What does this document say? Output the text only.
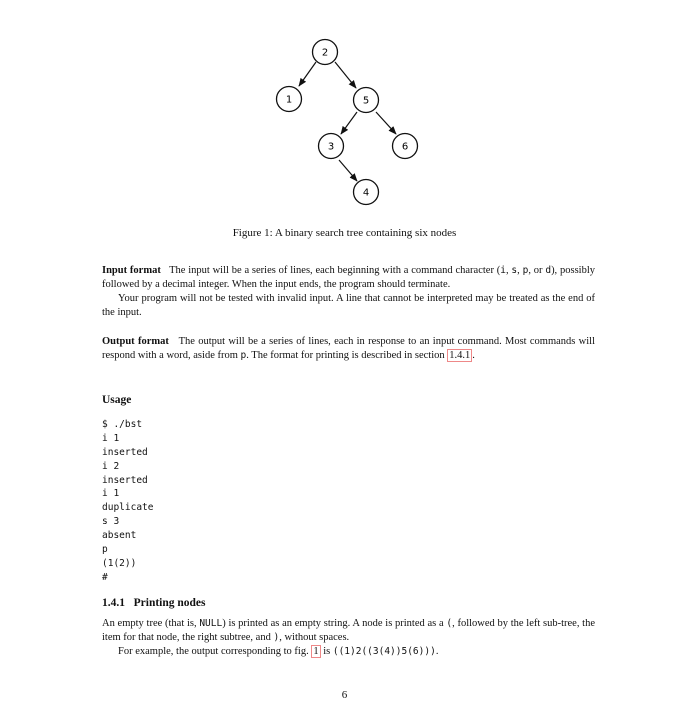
2
1	5
3	6
4
Figure 1: A binary search tree containing six nodes
Input format The input will be a series of lines, each beginning with a command character (i, s, p, or d), possibly followed by a decimal integer. When the input ends, the program should terminate.
Your program will not be tested with invalid input. A line that cannot be interpreted may be treated as the end of the input.
Output format The output will be a series of lines, each in response to an input command. Most commands will respond with a word, aside from p. The format for printing is described in section 1.4.1 .
Usage
$ ./bst
i 1
inserted
i 2
inserted
i 1
duplicate
s 3
absent
p
(1(2))
#
1.4.1   Printing nodes
An empty tree (that is, NULL) is printed as an empty string. A node is printed as a (, followed by the left sub-tree, the item for that node, the right subtree, and ), without spaces.
For example, the output corresponding to fig. 1 is ((1)2((3(4))5(6))).
6
